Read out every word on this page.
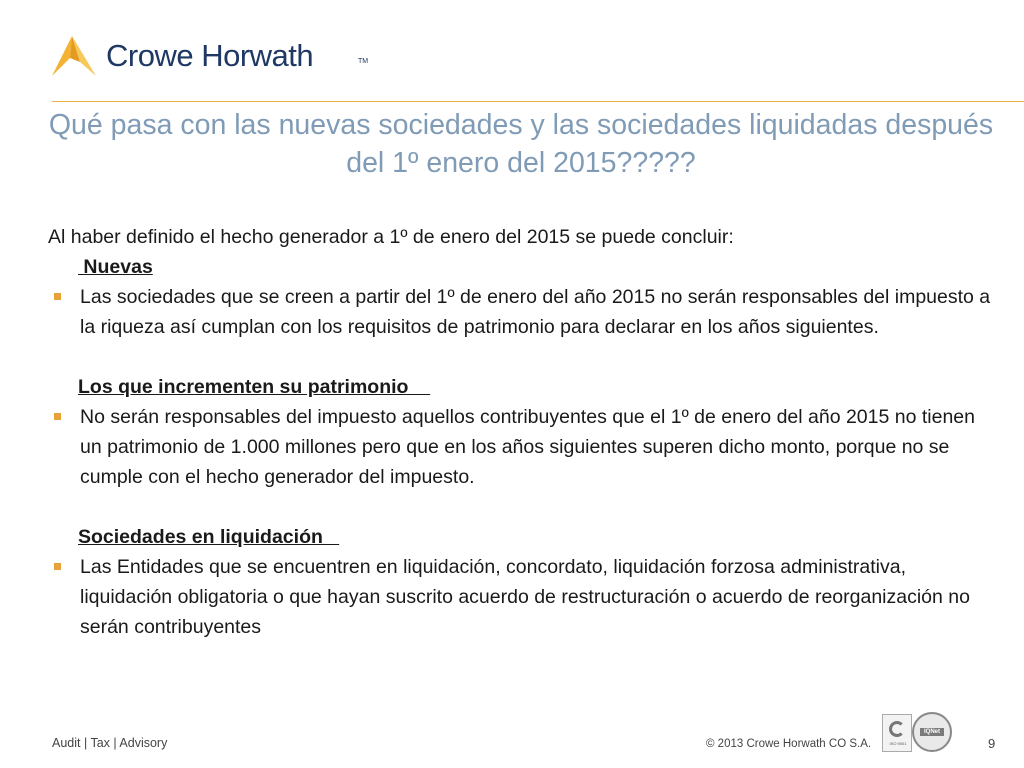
Crowe Horwath	TM
Qué pasa con las nuevas sociedades y las sociedades liquidadas después del 1º enero del 2015?????

Al haber definido el hecho generador a 1º de enero del 2015 se puede concluir:

Nuevas

Las sociedades que se creen a partir del 1º de enero del año 2015 no serán responsables del impuesto a la riqueza así cumplan con los requisitos de patrimonio para declarar en los años siguientes.

Los que incrementen su patrimonio

No serán responsables del impuesto aquellos contribuyentes que el 1º de enero del año 2015 no tienen un patrimonio de 1.000 millones pero que en los años siguientes superen dicho monto, porque no se cumple con el hecho generador del impuesto.

Sociedades en liquidación

Las Entidades que se encuentren en liquidación, concordato, liquidación forzosa administrativa, liquidación obligatoria o que hayan suscrito acuerdo de restructuración o acuerdo de reorganización no serán contribuyentes
Audit | Tax | Advisory	© 2013 Crowe Horwath CO S.A.	ISO 9001
IQNet
9
